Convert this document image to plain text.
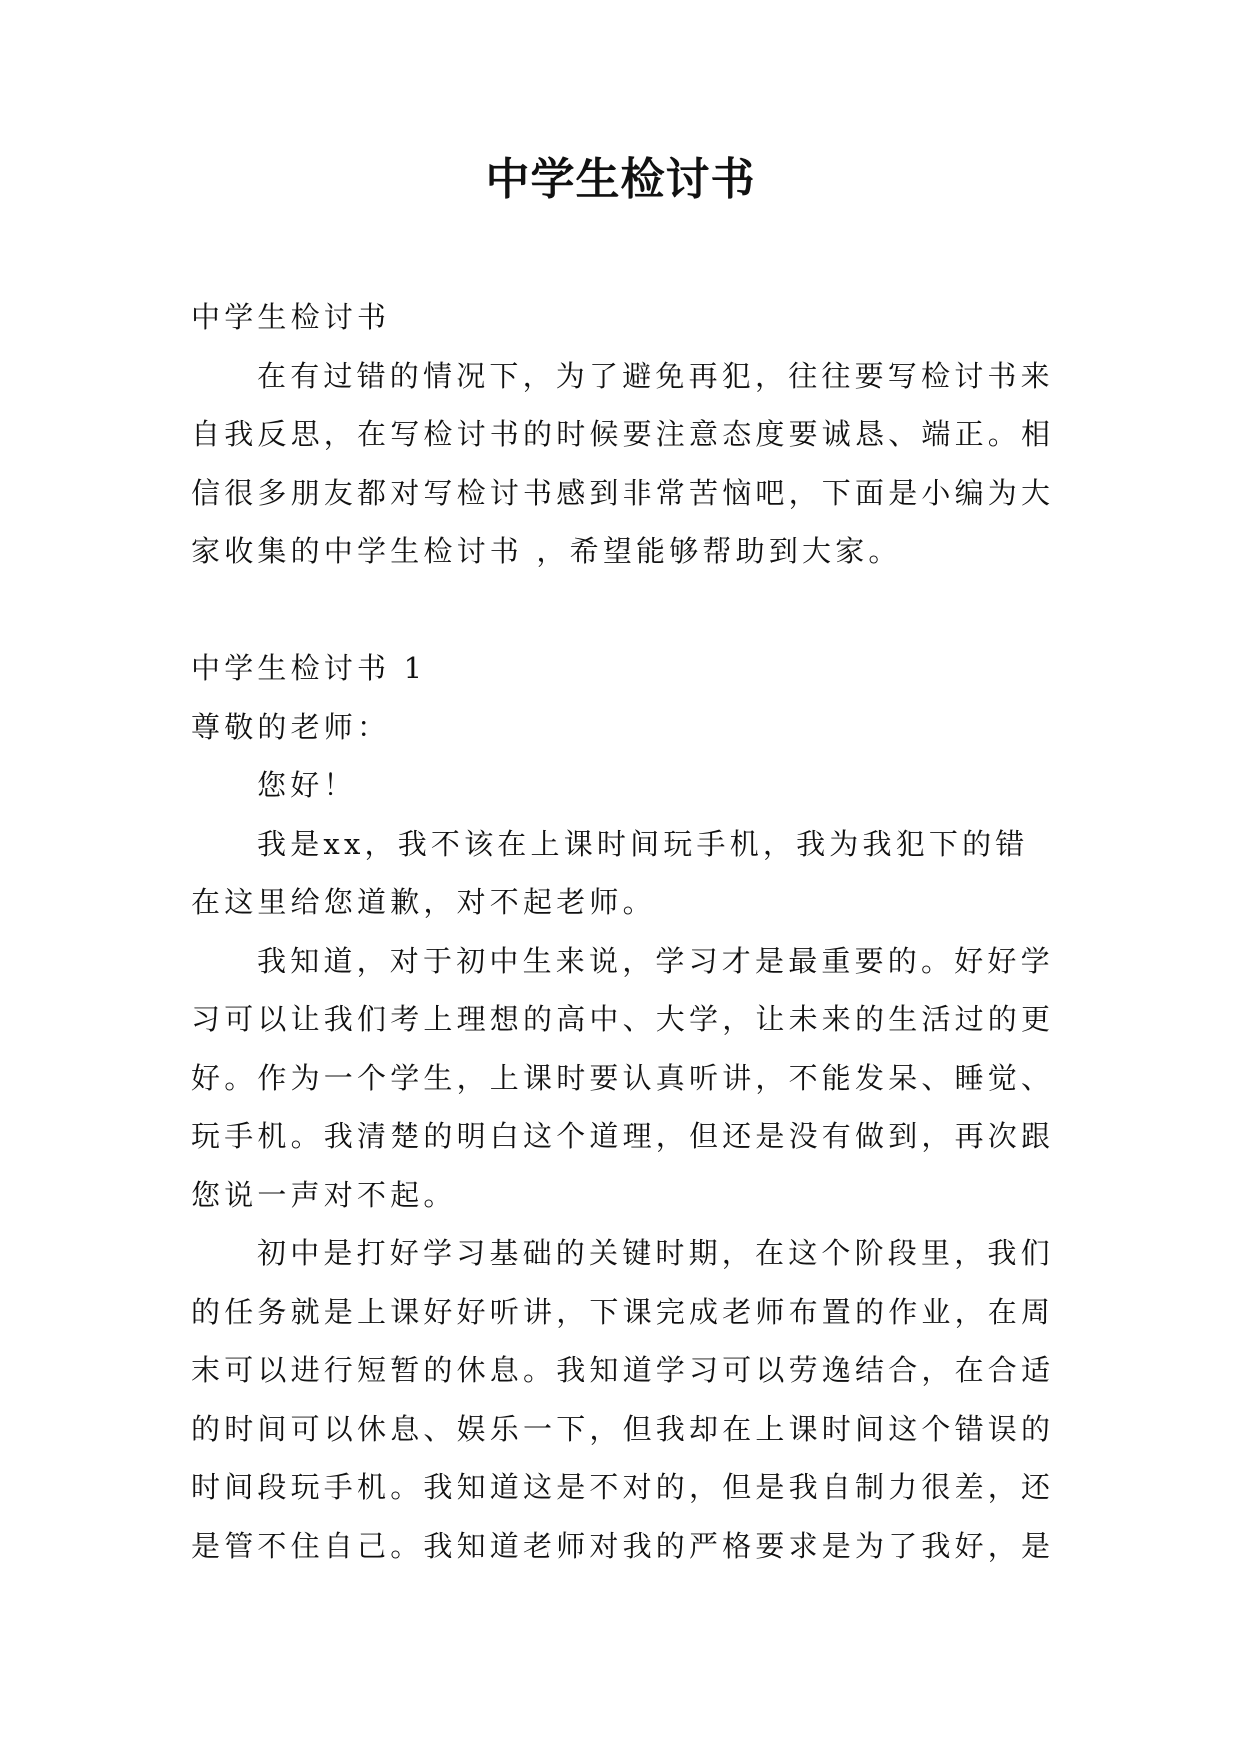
中学生检讨书

中学生检讨书

在有过错的情况下，为了避免再犯，往往要写检讨书来自我反思，在写检讨书的时候要注意态度要诚恳、端正。相信很多朋友都对写检讨书感到非常苦恼吧，下面是小编为大家收集的中学生检讨书 ，希望能够帮助到大家。

中学生检讨书 1

尊敬的老师：

您好！

我是xx，我不该在上课时间玩手机，我为我犯下的错在这里给您道歉，对不起老师。

我知道，对于初中生来说，学习才是最重要的。好好学习可以让我们考上理想的高中、大学，让未来的生活过的更好。作为一个学生，上课时要认真听讲，不能发呆、睡觉、玩手机。我清楚的明白这个道理，但还是没有做到，再次跟您说一声对不起。

初中是打好学习基础的关键时期，在这个阶段里，我们的任务就是上课好好听讲，下课完成老师布置的作业，在周末可以进行短暂的休息。我知道学习可以劳逸结合，在合适的时间可以休息、娱乐一下，但我却在上课时间这个错误的时间段玩手机。我知道这是不对的，但是我自制力很差，还是管不住自己。我知道老师对我的严格要求是为了我好，是
